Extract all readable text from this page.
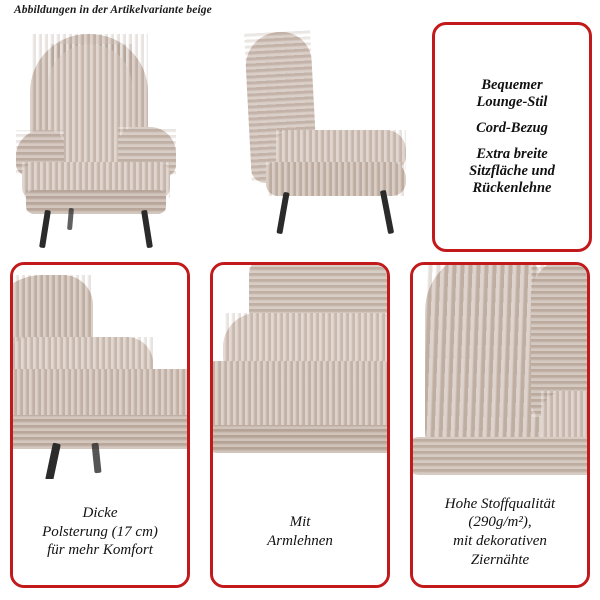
Abbildungen in der Artikelvariante beige
Bequemer
Lounge-Stil
Cord-Bezug
Extra breite
Sitzfläche und
Rückenlehne
Dicke
Polsterung (17 cm)
für mehr Komfort
Mit
Armlehnen
Hohe Stoffqualität
(290g/m²),
mit dekorativen
Ziernähte
